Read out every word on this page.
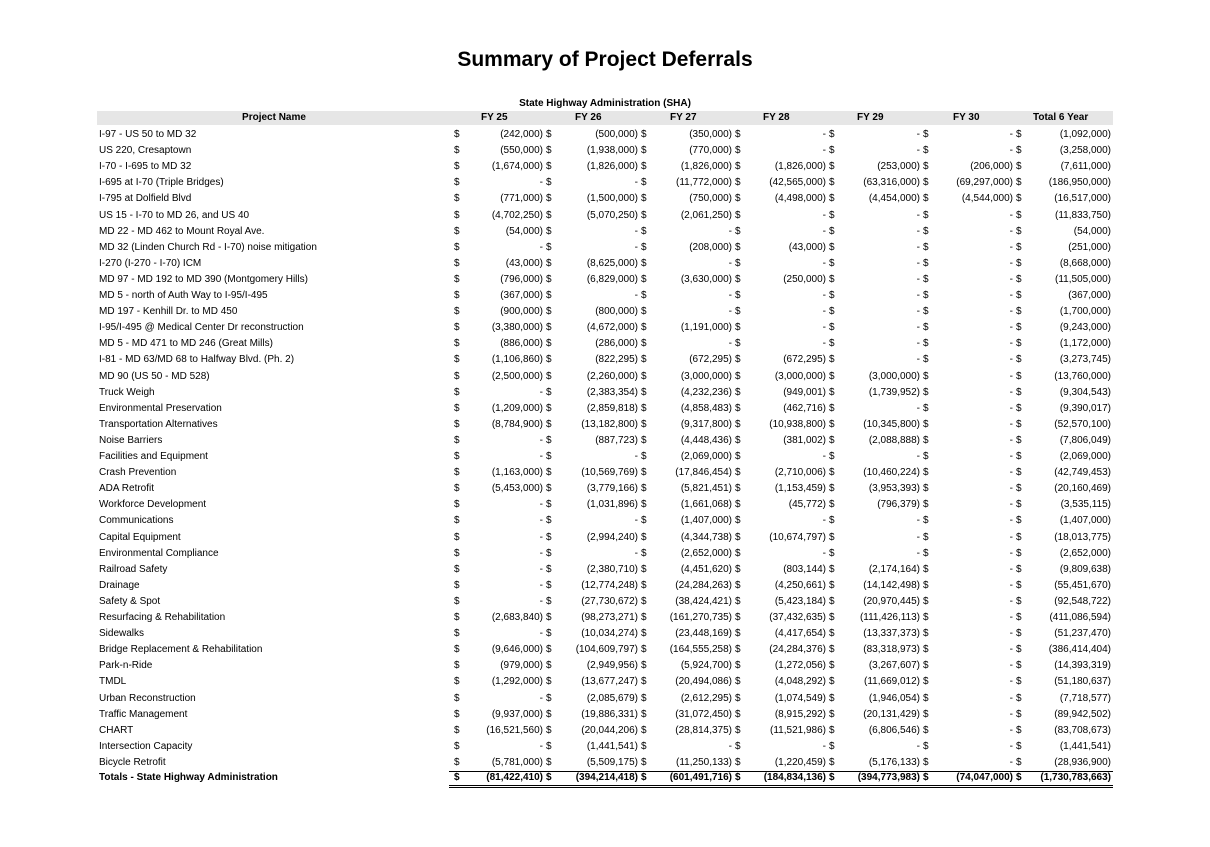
Summary of Project Deferrals
State Highway Administration (SHA)
Project Name	FY 25	FY 26	FY 27	FY 28	FY 29	FY 30	Total 6 Year
I-97 - US 50 to MD 32	$	(242,000) $	(500,000) $	(350,000) $	- $	- $	- $	(1,092,000)
US 220, Cresaptown	$	(550,000) $	(1,938,000) $	(770,000) $	- $	- $	- $	(3,258,000)
I-70 - I-695 to MD 32	$	(1,674,000) $	(1,826,000) $	(1,826,000) $	(1,826,000) $	(253,000) $	(206,000) $	(7,611,000)
I-695 at I-70 (Triple Bridges)	$	- $	- $	(11,772,000) $	(42,565,000) $	(63,316,000) $	(69,297,000) $	(186,950,000)
I-795 at Dolfield Blvd	$	(771,000) $	(1,500,000) $	(750,000) $	(4,498,000) $	(4,454,000) $	(4,544,000) $	(16,517,000)
US 15 - I-70 to MD 26, and US 40	$	(4,702,250) $	(5,070,250) $	(2,061,250) $	- $	- $	- $	(11,833,750)
MD 22 - MD 462 to Mount Royal Ave.	$	(54,000) $	- $	- $	- $	- $	- $	(54,000)
MD 32 (Linden Church Rd - I-70) noise mitigation	$	- $	- $	(208,000) $	(43,000) $	- $	- $	(251,000)
I-270 (I-270 - I-70) ICM	$	(43,000) $	(8,625,000) $	- $	- $	- $	- $	(8,668,000)
MD 97 - MD 192 to MD 390 (Montgomery Hills)	$	(796,000) $	(6,829,000) $	(3,630,000) $	(250,000) $	- $	- $	(11,505,000)
MD 5 - north of Auth Way to I-95/I-495	$	(367,000) $	- $	- $	- $	- $	- $	(367,000)
MD 197 - Kenhill Dr. to MD 450	$	(900,000) $	(800,000) $	- $	- $	- $	- $	(1,700,000)
I-95/I-495 @ Medical Center Dr reconstruction	$	(3,380,000) $	(4,672,000) $	(1,191,000) $	- $	- $	- $	(9,243,000)
MD 5 - MD 471 to MD 246 (Great Mills)	$	(886,000) $	(286,000) $	- $	- $	- $	- $	(1,172,000)
I-81 - MD 63/MD 68 to Halfway Blvd. (Ph. 2)	$	(1,106,860) $	(822,295) $	(672,295) $	(672,295) $	- $	- $	(3,273,745)
MD 90 (US 50 - MD 528)	$	(2,500,000) $	(2,260,000) $	(3,000,000) $	(3,000,000) $	(3,000,000) $	- $	(13,760,000)
Truck Weigh	$	- $	(2,383,354) $	(4,232,236) $	(949,001) $	(1,739,952) $	- $	(9,304,543)
Environmental Preservation	$	(1,209,000) $	(2,859,818) $	(4,858,483) $	(462,716) $	- $	- $	(9,390,017)
Transportation Alternatives	$	(8,784,900) $	(13,182,800) $	(9,317,800) $	(10,938,800) $	(10,345,800) $	- $	(52,570,100)
Noise Barriers	$	- $	(887,723) $	(4,448,436) $	(381,002) $	(2,088,888) $	- $	(7,806,049)
Facilities and Equipment	$	- $	- $	(2,069,000) $	- $	- $	- $	(2,069,000)
Crash Prevention	$	(1,163,000) $	(10,569,769) $	(17,846,454) $	(2,710,006) $	(10,460,224) $	- $	(42,749,453)
ADA Retrofit	$	(5,453,000) $	(3,779,166) $	(5,821,451) $	(1,153,459) $	(3,953,393) $	- $	(20,160,469)
Workforce Development	$	- $	(1,031,896) $	(1,661,068) $	(45,772) $	(796,379) $	- $	(3,535,115)
Communications	$	- $	- $	(1,407,000) $	- $	- $	- $	(1,407,000)
Capital Equipment	$	- $	(2,994,240) $	(4,344,738) $	(10,674,797) $	- $	- $	(18,013,775)
Environmental Compliance	$	- $	- $	(2,652,000) $	- $	- $	- $	(2,652,000)
Railroad Safety	$	- $	(2,380,710) $	(4,451,620) $	(803,144) $	(2,174,164) $	- $	(9,809,638)
Drainage	$	- $	(12,774,248) $	(24,284,263) $	(4,250,661) $	(14,142,498) $	- $	(55,451,670)
Safety & Spot	$	- $	(27,730,672) $	(38,424,421) $	(5,423,184) $	(20,970,445) $	- $	(92,548,722)
Resurfacing & Rehabilitation	$	(2,683,840) $	(98,273,271) $	(161,270,735) $	(37,432,635) $	(111,426,113) $	- $	(411,086,594)
Sidewalks	$	- $	(10,034,274) $	(23,448,169) $	(4,417,654) $	(13,337,373) $	- $	(51,237,470)
Bridge Replacement & Rehabilitation	$	(9,646,000) $	(104,609,797) $	(164,555,258) $	(24,284,376) $	(83,318,973) $	- $	(386,414,404)
Park-n-Ride	$	(979,000) $	(2,949,956) $	(5,924,700) $	(1,272,056) $	(3,267,607) $	- $	(14,393,319)
TMDL	$	(1,292,000) $	(13,677,247) $	(20,494,086) $	(4,048,292) $	(11,669,012) $	- $	(51,180,637)
Urban Reconstruction	$	- $	(2,085,679) $	(2,612,295) $	(1,074,549) $	(1,946,054) $	- $	(7,718,577)
Traffic Management	$	(9,937,000) $	(19,886,331) $	(31,072,450) $	(8,915,292) $	(20,131,429) $	- $	(89,942,502)
CHART	$	(16,521,560) $	(20,044,206) $	(28,814,375) $	(11,521,986) $	(6,806,546) $	- $	(83,708,673)
Intersection Capacity	$	- $	(1,441,541) $	- $	- $	- $	- $	(1,441,541)
Bicycle Retrofit	$	(5,781,000) $	(5,509,175) $	(11,250,133) $	(1,220,459) $	(5,176,133) $	- $	(28,936,900)
Totals - State Highway Administration	$	(81,422,410) $	(394,214,418) $	(601,491,716) $	(184,834,136) $	(394,773,983) $	(74,047,000) $	(1,730,783,663)
